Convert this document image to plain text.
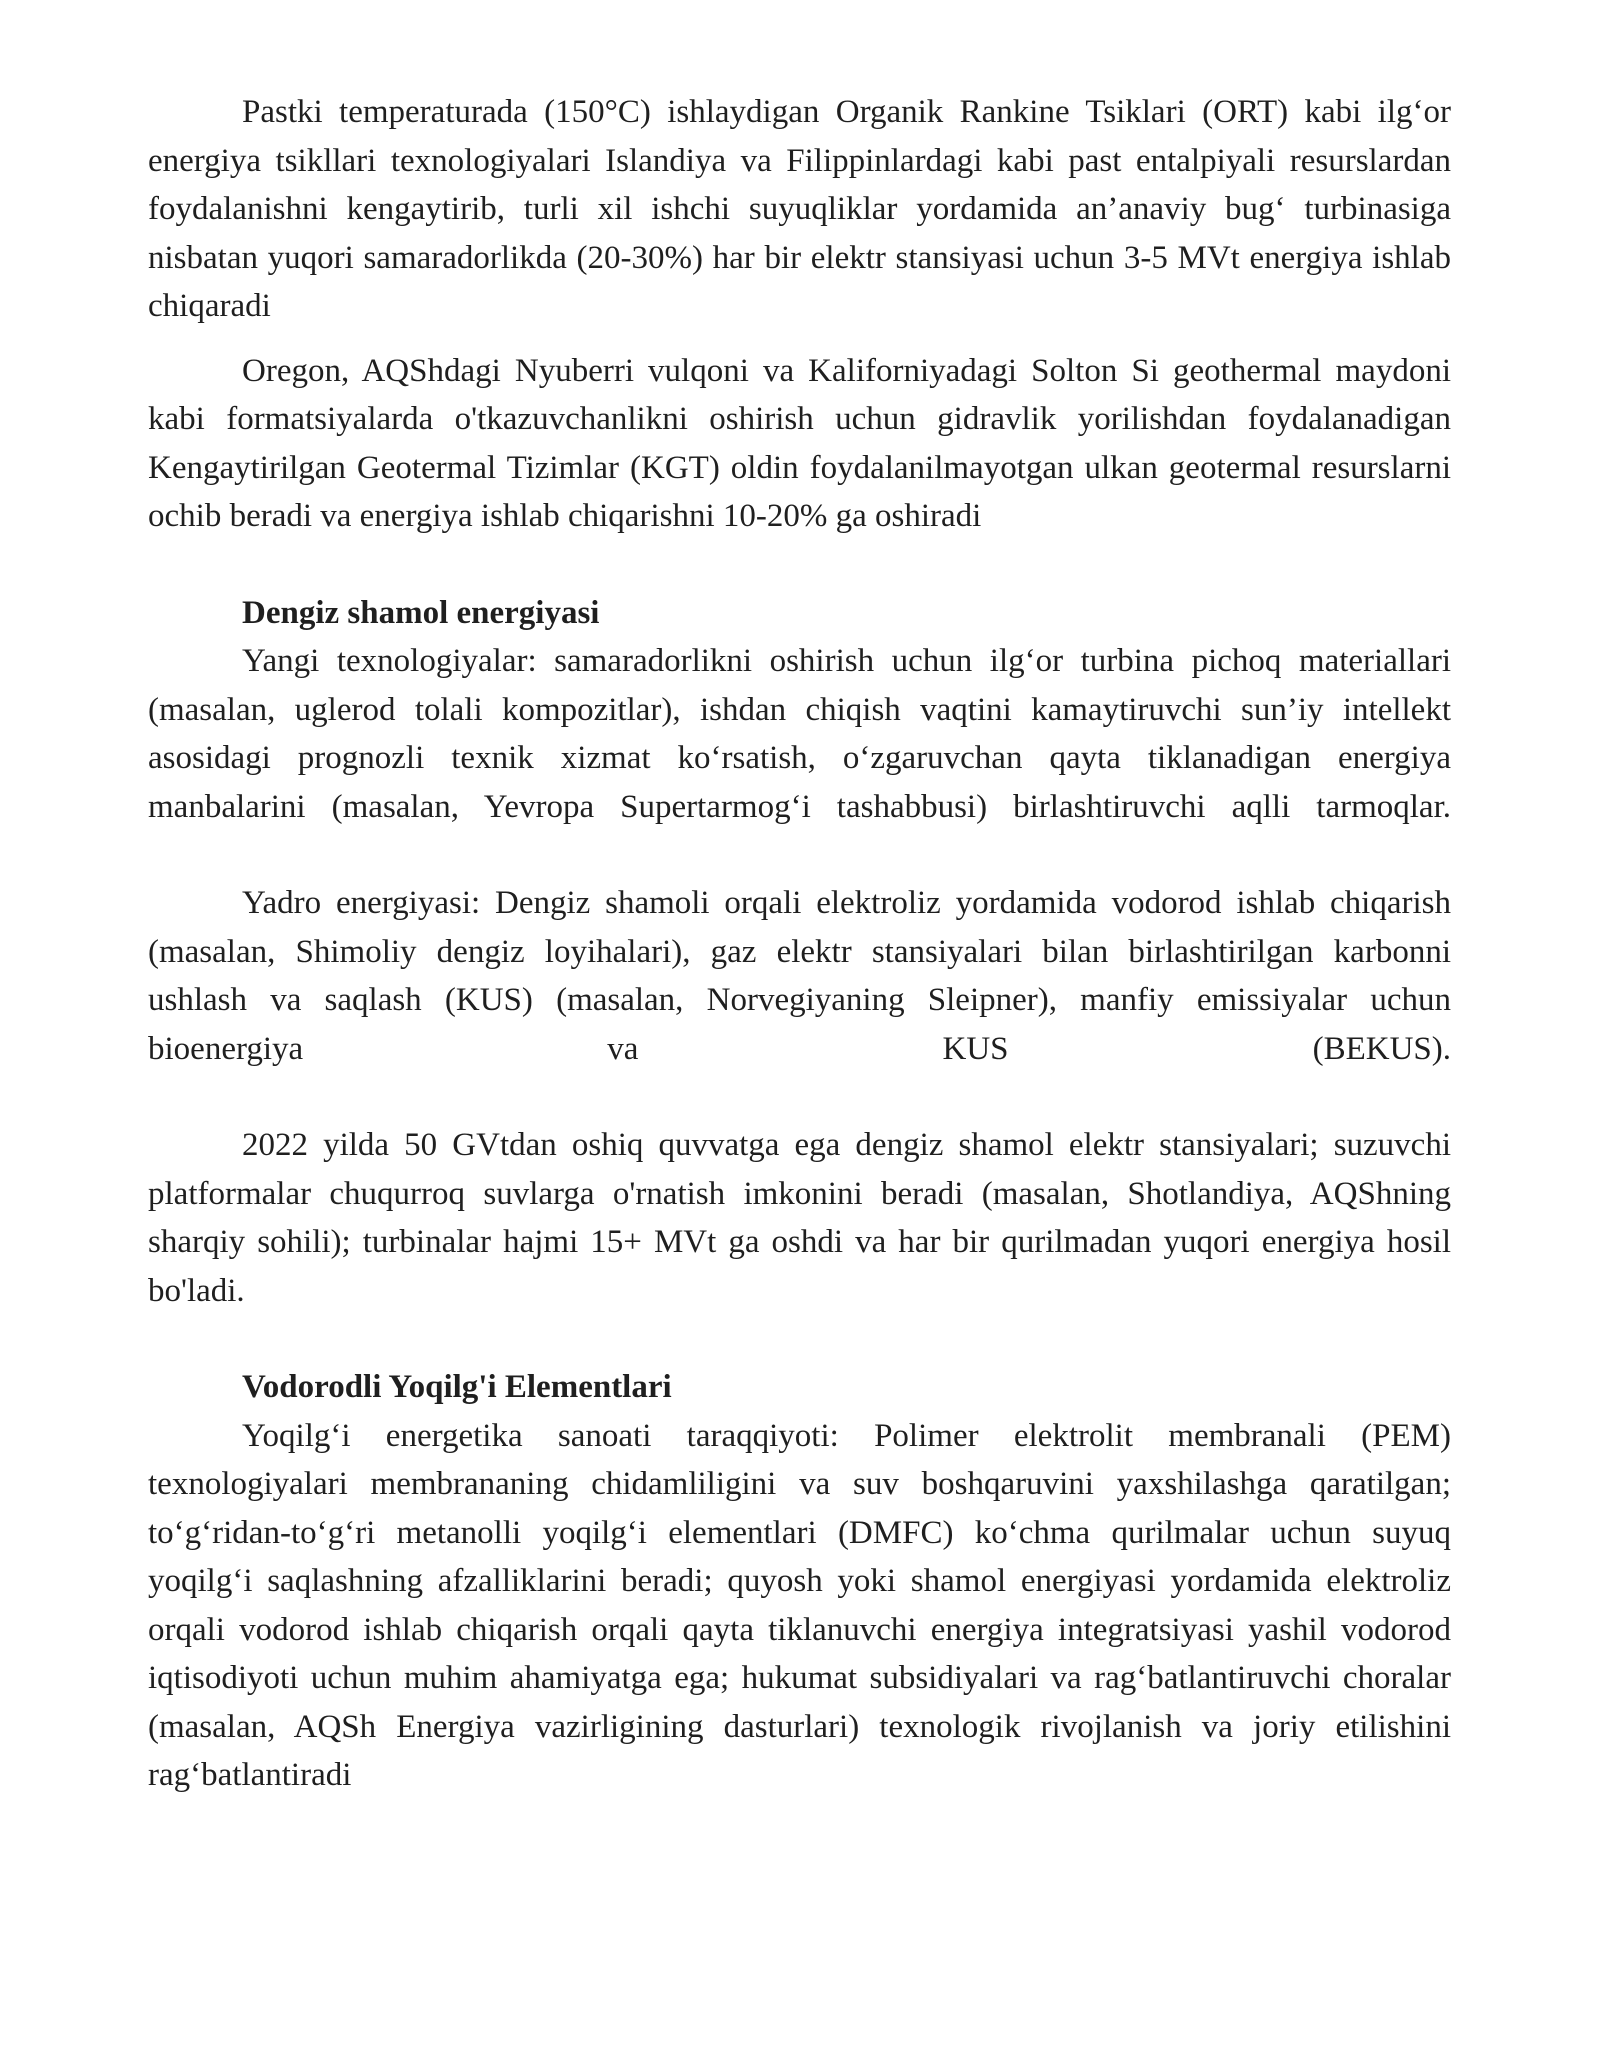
Pastki temperaturada (150°C) ishlaydigan Organik Rankine Tsiklari (ORT) kabi ilg‘or energiya tsikllari texnologiyalari Islandiya va Filippinlardagi kabi past entalpiyali resurslardan foydalanishni kengaytirib, turli xil ishchi suyuqliklar yordamida an’anaviy bug‘ turbinasiga nisbatan yuqori samaradorlikda (20-30%) har bir elektr stansiyasi uchun 3-5 MVt energiya ishlab chiqaradi

Oregon, AQShdagi Nyuberri vulqoni va Kaliforniyadagi Solton Si geothermal maydoni kabi formatsiyalarda o'tkazuvchanlikni oshirish uchun gidravlik yorilishdan foydalanadigan Kengaytirilgan Geotermal Tizimlar (KGT) oldin foydalanilmayotgan ulkan geotermal resurslarni ochib beradi va energiya ishlab chiqarishni 10-20% ga oshiradi

Dengiz shamol energiyasi

Yangi texnologiyalar: samaradorlikni oshirish uchun ilg‘or turbina pichoq materiallari (masalan, uglerod tolali kompozitlar), ishdan chiqish vaqtini kamaytiruvchi sun’iy intellekt asosidagi prognozli texnik xizmat ko‘rsatish, o‘zgaruvchan qayta tiklanadigan energiya manbalarini (masalan, Yevropa Supertarmog‘i tashabbusi) birlashtiruvchi aqlli tarmoqlar.

Yadro energiyasi: Dengiz shamoli orqali elektroliz yordamida vodorod ishlab chiqarish (masalan, Shimoliy dengiz loyihalari), gaz elektr stansiyalari bilan birlashtirilgan karbonni ushlash va saqlash (KUS) (masalan, Norvegiyaning Sleipner), manfiy emissiyalar uchun bioenergiya va KUS (BEKUS).

2022 yilda 50 GVtdan oshiq quvvatga ega dengiz shamol elektr stansiyalari; suzuvchi platformalar chuqurroq suvlarga o'rnatish imkonini beradi (masalan, Shotlandiya, AQShning sharqiy sohili); turbinalar hajmi 15+ MVt ga oshdi va har bir qurilmadan yuqori energiya hosil bo'ladi.

Vodorodli Yoqilg'i Elementlari

Yoqilg‘i energetika sanoati taraqqiyoti: Polimer elektrolit membranali (PEM) texnologiyalari membrananing chidamliligini va suv boshqaruvini yaxshilashga qaratilgan; to‘g‘ridan-to‘g‘ri metanolli yoqilg‘i elementlari (DMFC) ko‘chma qurilmalar uchun suyuq yoqilg‘i saqlashning afzalliklarini beradi; quyosh yoki shamol energiyasi yordamida elektroliz orqali vodorod ishlab chiqarish orqali qayta tiklanuvchi energiya integratsiyasi yashil vodorod iqtisodiyoti uchun muhim ahamiyatga ega; hukumat subsidiyalari va rag‘batlantiruvchi choralar (masalan, AQSh Energiya vazirligining dasturlari) texnologik rivojlanish va joriy etilishini rag‘batlantiradi
